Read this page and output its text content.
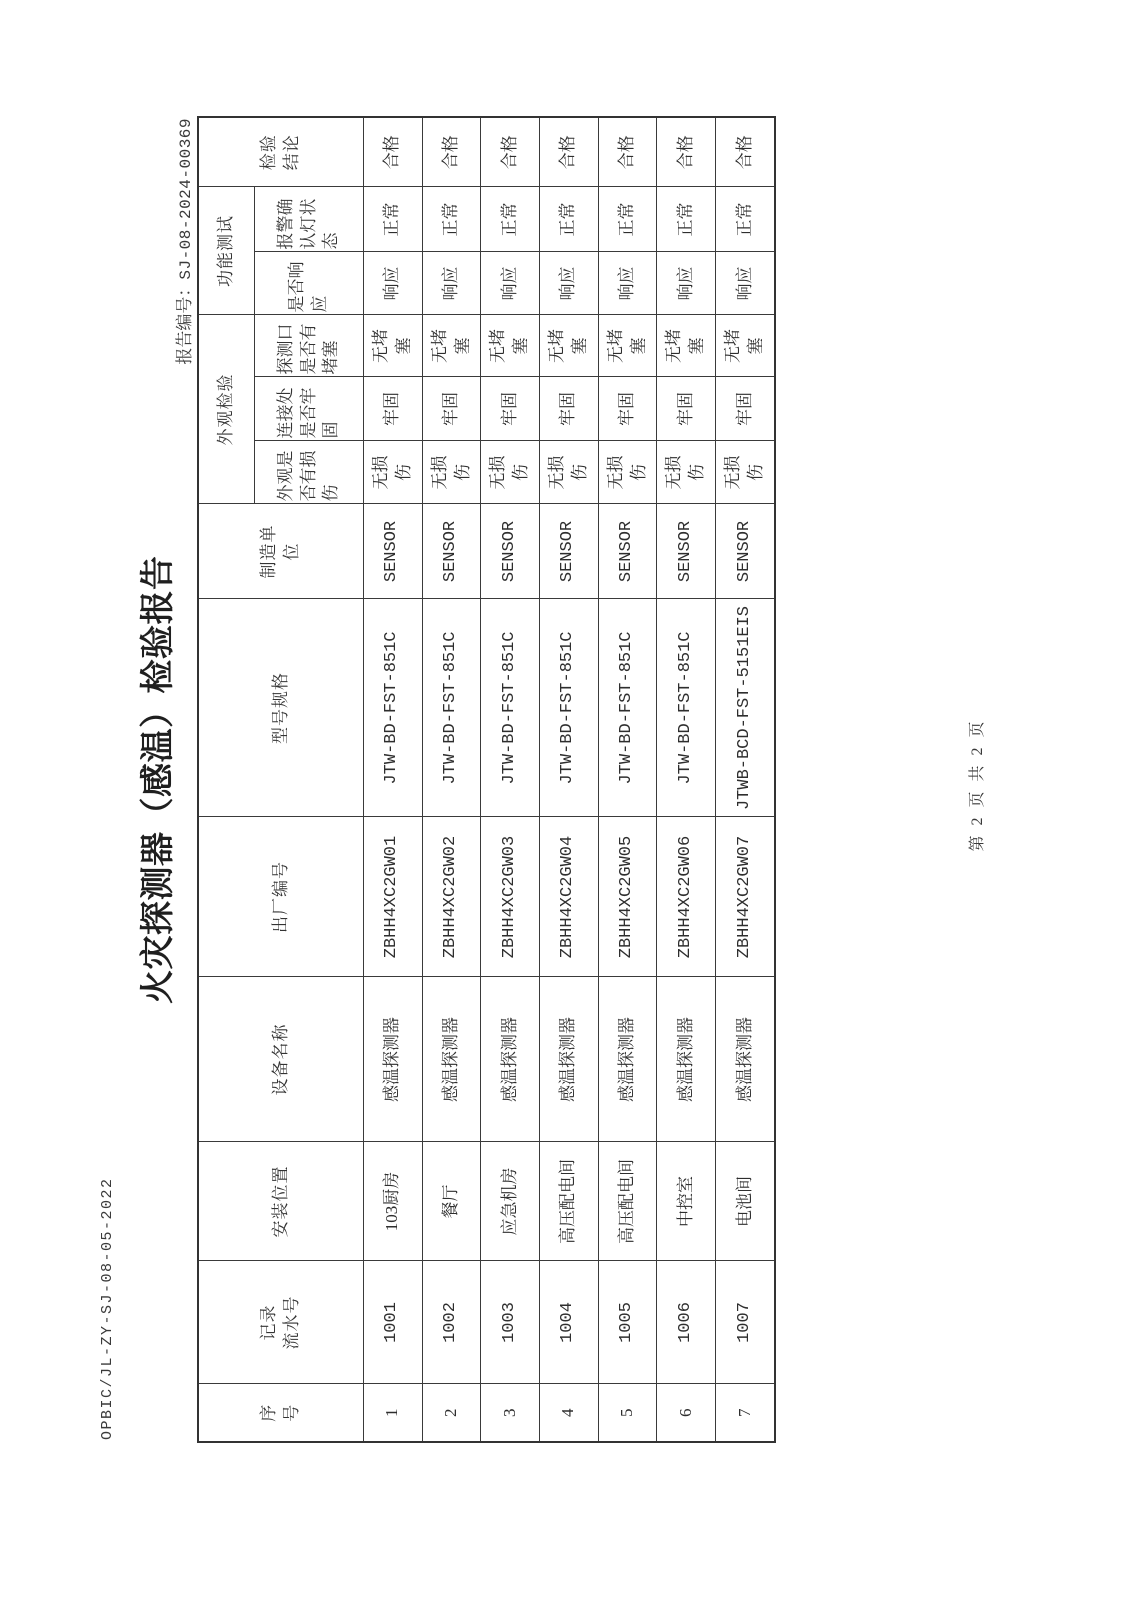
OPBIC/JL-ZY-SJ-08-05-2022
火灾探测器（感温）检验报告
报告编号：SJ-08-2024-00369
序号	记录
流水号	安装位置	设备名称	出厂编号	型号规格	制造单位	外观检验			功能测试		检验结论
							外观是否有损伤	连接处是否牢固	探测口是否有堵塞	是否响应	报警确认灯状态	
1	1001	103厨房	感温探测器	ZBHH4XC2GW01	JTW-BD-FST-851C	SENSOR	无损伤	牢固	无堵塞	响应	正常	合格
2	1002	餐厅	感温探测器	ZBHH4XC2GW02	JTW-BD-FST-851C	SENSOR	无损伤	牢固	无堵塞	响应	正常	合格
3	1003	应急机房	感温探测器	ZBHH4XC2GW03	JTW-BD-FST-851C	SENSOR	无损伤	牢固	无堵塞	响应	正常	合格
4	1004	高压配电间	感温探测器	ZBHH4XC2GW04	JTW-BD-FST-851C	SENSOR	无损伤	牢固	无堵塞	响应	正常	合格
5	1005	高压配电间	感温探测器	ZBHH4XC2GW05	JTW-BD-FST-851C	SENSOR	无损伤	牢固	无堵塞	响应	正常	合格
6	1006	中控室	感温探测器	ZBHH4XC2GW06	JTW-BD-FST-851C	SENSOR	无损伤	牢固	无堵塞	响应	正常	合格
7	1007	电池间	感温探测器	ZBHH4XC2GW07	JTWB-BCD-FST-5151EIS	SENSOR	无损伤	牢固	无堵塞	响应	正常	合格
第 2 页 共 2 页
